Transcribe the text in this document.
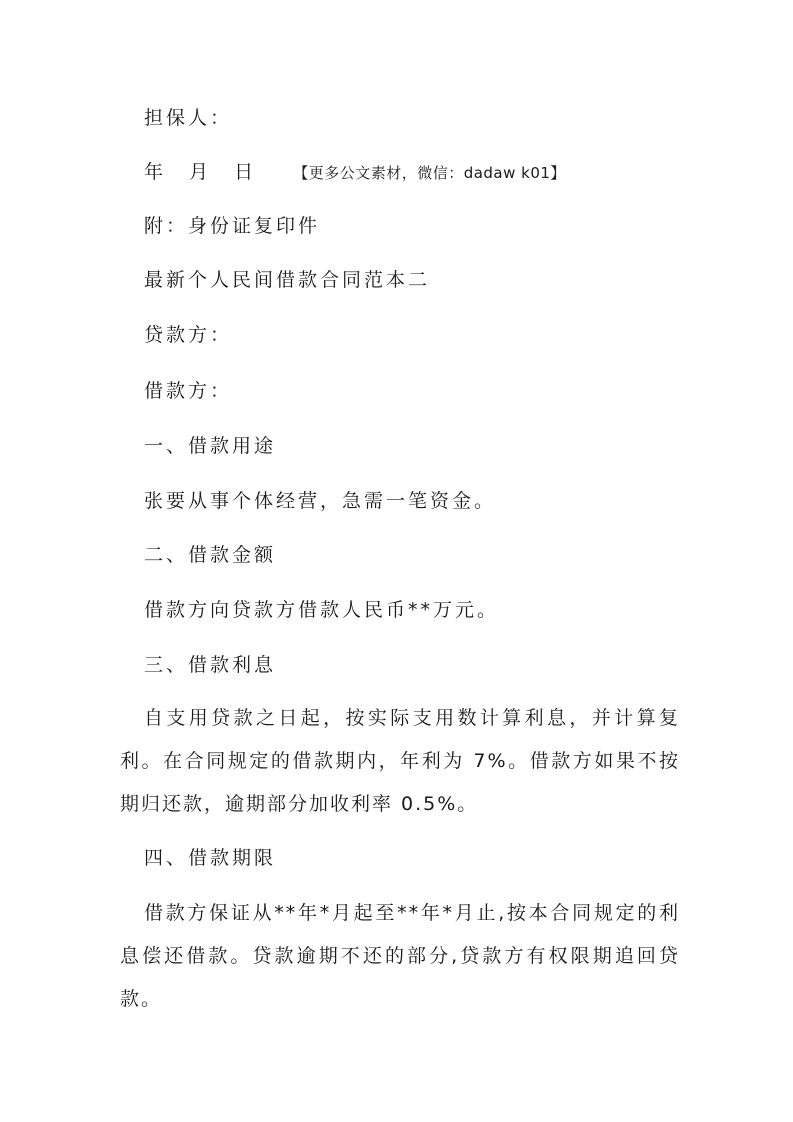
担保人：
年 月 日 【更多公文素材，微信：dadaw k01】
附：身份证复印件
最新个人民间借款合同范本二
贷款方：
借款方：
一、借款用途
张要从事个体经营，急需一笔资金。
二、借款金额
借款方向贷款方借款人民币**万元。
三、借款利息
自支用贷款之日起，按实际支用数计算利息，并计算复利。在合同规定的借款期内，年利为 7%。借款方如果不按期归还款，逾期部分加收利率 0.5%。
四、借款期限
借款方保证从**年*月起至**年*月止,按本合同规定的利息偿还借款。贷款逾期不还的部分,贷款方有权限期追回贷款。
